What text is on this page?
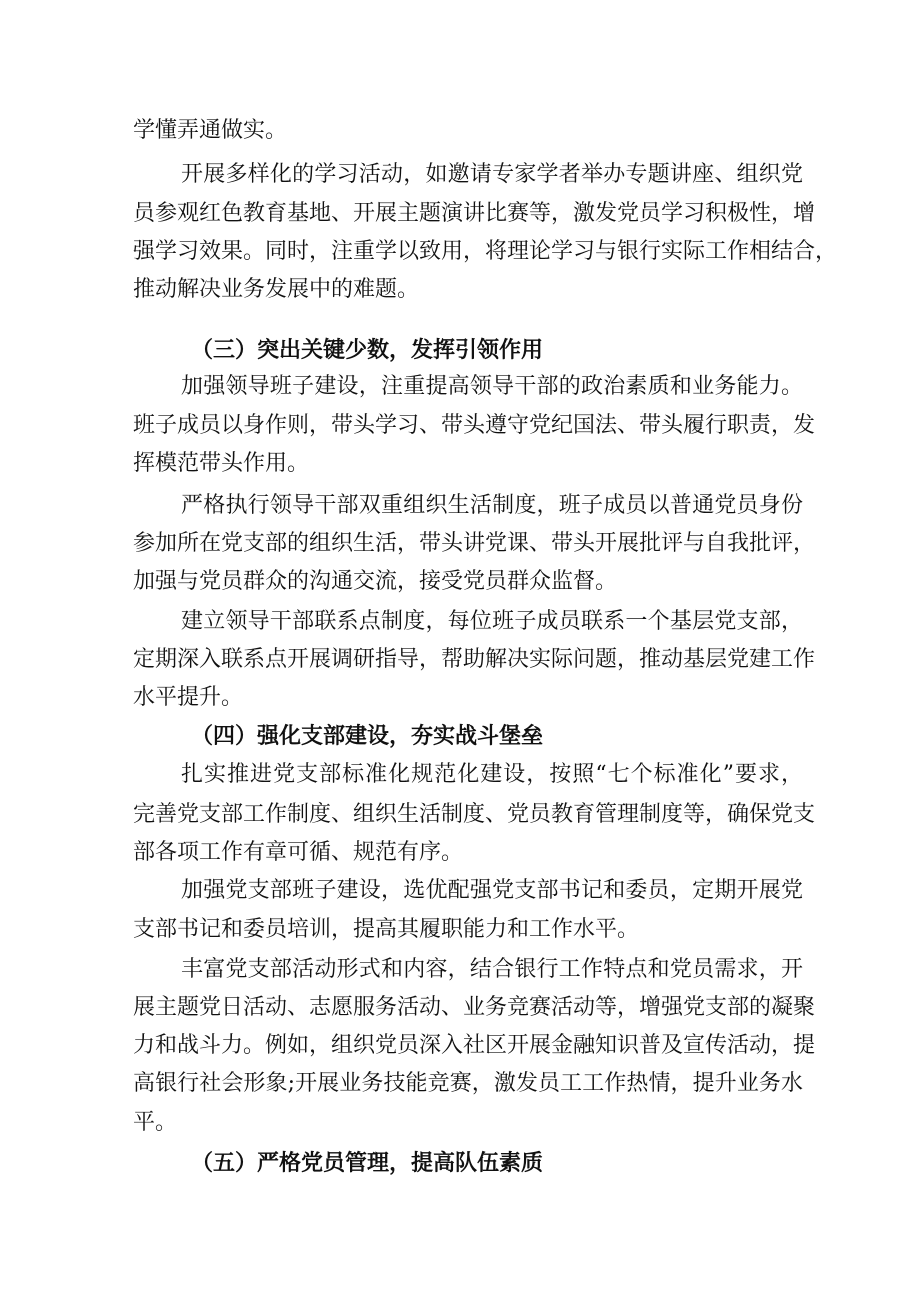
学懂弄通做实。
开展多样化的学习活动，如邀请专家学者举办专题讲座、组织党
员参观红色教育基地、开展主题演讲比赛等，激发党员学习积极性，增
强学习效果。同时，注重学以致用，将理论学习与银行实际工作相结合，
推动解决业务发展中的难题。
（三）突出关键少数，发挥引领作用
加强领导班子建设，注重提高领导干部的政治素质和业务能力。
班子成员以身作则，带头学习、带头遵守党纪国法、带头履行职责，发
挥模范带头作用。
严格执行领导干部双重组织生活制度，班子成员以普通党员身份
参加所在党支部的组织生活，带头讲党课、带头开展批评与自我批评，
加强与党员群众的沟通交流，接受党员群众监督。
建立领导干部联系点制度，每位班子成员联系一个基层党支部，
定期深入联系点开展调研指导，帮助解决实际问题，推动基层党建工作
水平提升。
（四）强化支部建设，夯实战斗堡垒
扎实推进党支部标准化规范化建设，按照“七个标准化”要求，
完善党支部工作制度、组织生活制度、党员教育管理制度等，确保党支
部各项工作有章可循、规范有序。
加强党支部班子建设，选优配强党支部书记和委员，定期开展党
支部书记和委员培训，提高其履职能力和工作水平。
丰富党支部活动形式和内容，结合银行工作特点和党员需求，开
展主题党日活动、志愿服务活动、业务竞赛活动等，增强党支部的凝聚
力和战斗力。例如，组织党员深入社区开展金融知识普及宣传活动，提
高银行社会形象;开展业务技能竞赛，激发员工工作热情，提升业务水
平。
（五）严格党员管理，提高队伍素质
